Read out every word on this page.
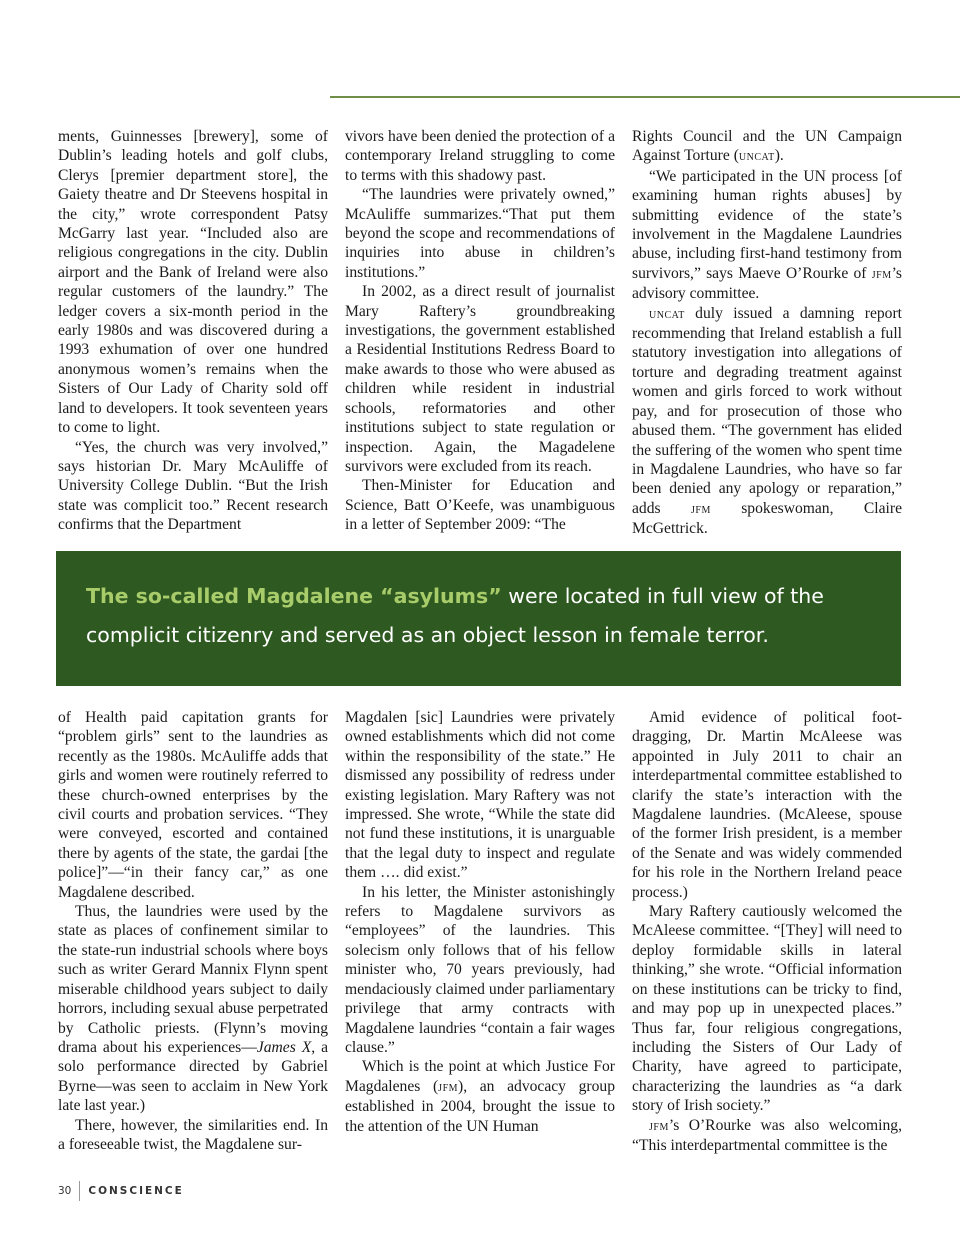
ments, Guinnesses [brewery], some of Dublin’s leading hotels and golf clubs, Clerys [premier department store], the Gaiety theatre and Dr Steevens hospital in the city,” wrote correspondent Patsy McGarry last year. “Included also are religious congregations in the city. Dublin airport and the Bank of Ireland were also regular customers of the laundry.” The ledger covers a six-month period in the early 1980s and was discovered during a 1993 exhumation of over one hundred anonymous women’s remains when the Sisters of Our Lady of Charity sold off land to developers. It took seventeen years to come to light.

“Yes, the church was very involved,” says historian Dr. Mary McAuliffe of University College Dublin. “But the Irish state was complicit too.” Recent research confirms that the Department

vivors have been denied the protection of a contemporary Ireland struggling to come to terms with this shadowy past.

“The laundries were privately owned,” McAuliffe summarizes.“That put them beyond the scope and recommendations of inquiries into abuse in children’s institutions.”

In 2002, as a direct result of journalist Mary Raftery’s groundbreaking investigations, the government established a Residential Institutions Redress Board to make awards to those who were abused as children while resident in industrial schools, reformatories and other institutions subject to state regulation or inspection. Again, the Magadelene survivors were excluded from its reach.

Then-Minister for Education and Science, Batt O’Keefe, was unambiguous in a letter of September 2009: “The

Rights Council and the UN Campaign Against Torture (uncat).

“We participated in the UN process [of examining human rights abuses] by submitting evidence of the state’s involvement in the Magdalene Laundries abuse, including first-hand testimony from survivors,” says Maeve O’Rourke of jfm’s advisory committee.

uncat duly issued a damning report recommending that Ireland establish a full statutory investigation into allegations of torture and degrading treatment against women and girls forced to work without pay, and for prosecution of those who abused them. “The government has elided the suffering of the women who spent time in Magdalene Laundries, who have so far been denied any apology or reparation,” adds jfm spokeswoman, Claire McGettrick.

The so-called Magdalene “asylums” were located in full view of the complicit citizenry and served as an object lesson in female terror.

of Health paid capitation grants for “problem girls” sent to the laundries as recently as the 1980s. McAuliffe adds that girls and women were routinely referred to these church-owned enterprises by the civil courts and probation services. “They were conveyed, escorted and contained there by agents of the state, the gardai [the police]”—“in their fancy car,” as one Magdalene described.

Thus, the laundries were used by the state as places of confinement similar to the state-run industrial schools where boys such as writer Gerard Mannix Flynn spent miserable childhood years subject to daily horrors, including sexual abuse perpetrated by Catholic priests. (Flynn’s moving drama about his experiences—James X, a solo performance directed by Gabriel Byrne—was seen to acclaim in New York late last year.)

There, however, the similarities end. In a foreseeable twist, the Magdalene sur-

Magdalen [sic] Laundries were privately owned establishments which did not come within the responsibility of the state.” He dismissed any possibility of redress under existing legislation. Mary Raftery was not impressed. She wrote, “While the state did not fund these institutions, it is unarguable that the legal duty to inspect and regulate them …. did exist.”

In his letter, the Minister astonishingly refers to Magdalene survivors as “employees” of the laundries. This solecism only follows that of his fellow minister who, 70 years previously, had mendaciously claimed under parliamentary privilege that army contracts with Magdalene laundries “contain a fair wages clause.”

Which is the point at which Justice For Magdalenes (jfm), an advocacy group established in 2004, brought the issue to the attention of the UN Human

Amid evidence of political foot-dragging, Dr. Martin McAleese was appointed in July 2011 to chair an interdepartmental committee established to clarify the state’s interaction with the Magdalene laundries. (McAleese, spouse of the former Irish president, is a member of the Senate and was widely commended for his role in the Northern Ireland peace process.)

Mary Raftery cautiously welcomed the McAleese committee. “[They] will need to deploy formidable skills in lateral thinking,” she wrote. “Official information on these institutions can be tricky to find, and may pop up in unexpected places.” Thus far, four religious congregations, including the Sisters of Our Lady of Charity, have agreed to participate, characterizing the laundries as “a dark story of Irish society.”

jfm’s O’Rourke was also welcoming, “This interdepartmental committee is the

30	CONSCIENCE
